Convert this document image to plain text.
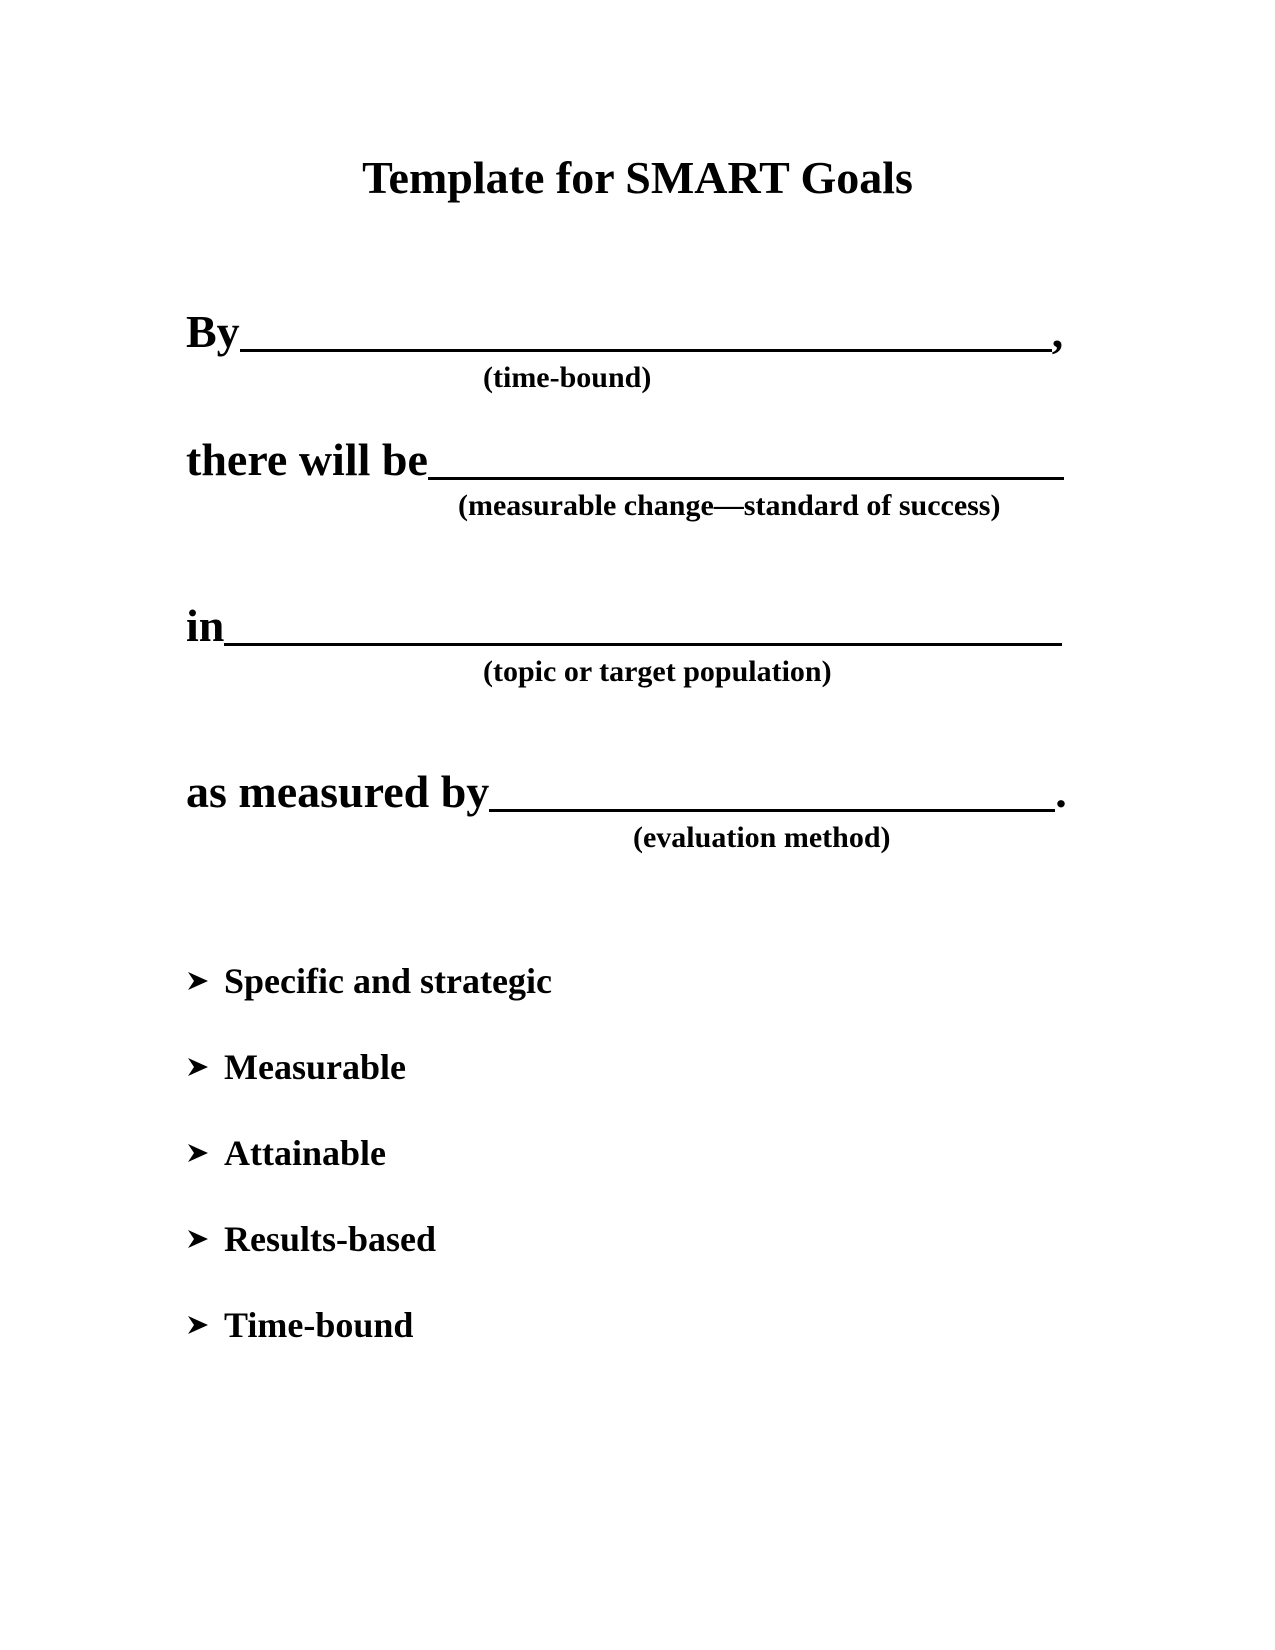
Template for SMART Goals
By	,
(time-bound)
there will be
(measurable change—standard of success)
in
(topic or target population)
as measured by	.
(evaluation method)
Specific and strategic
Measurable
Attainable
Results-based
Time-bound
